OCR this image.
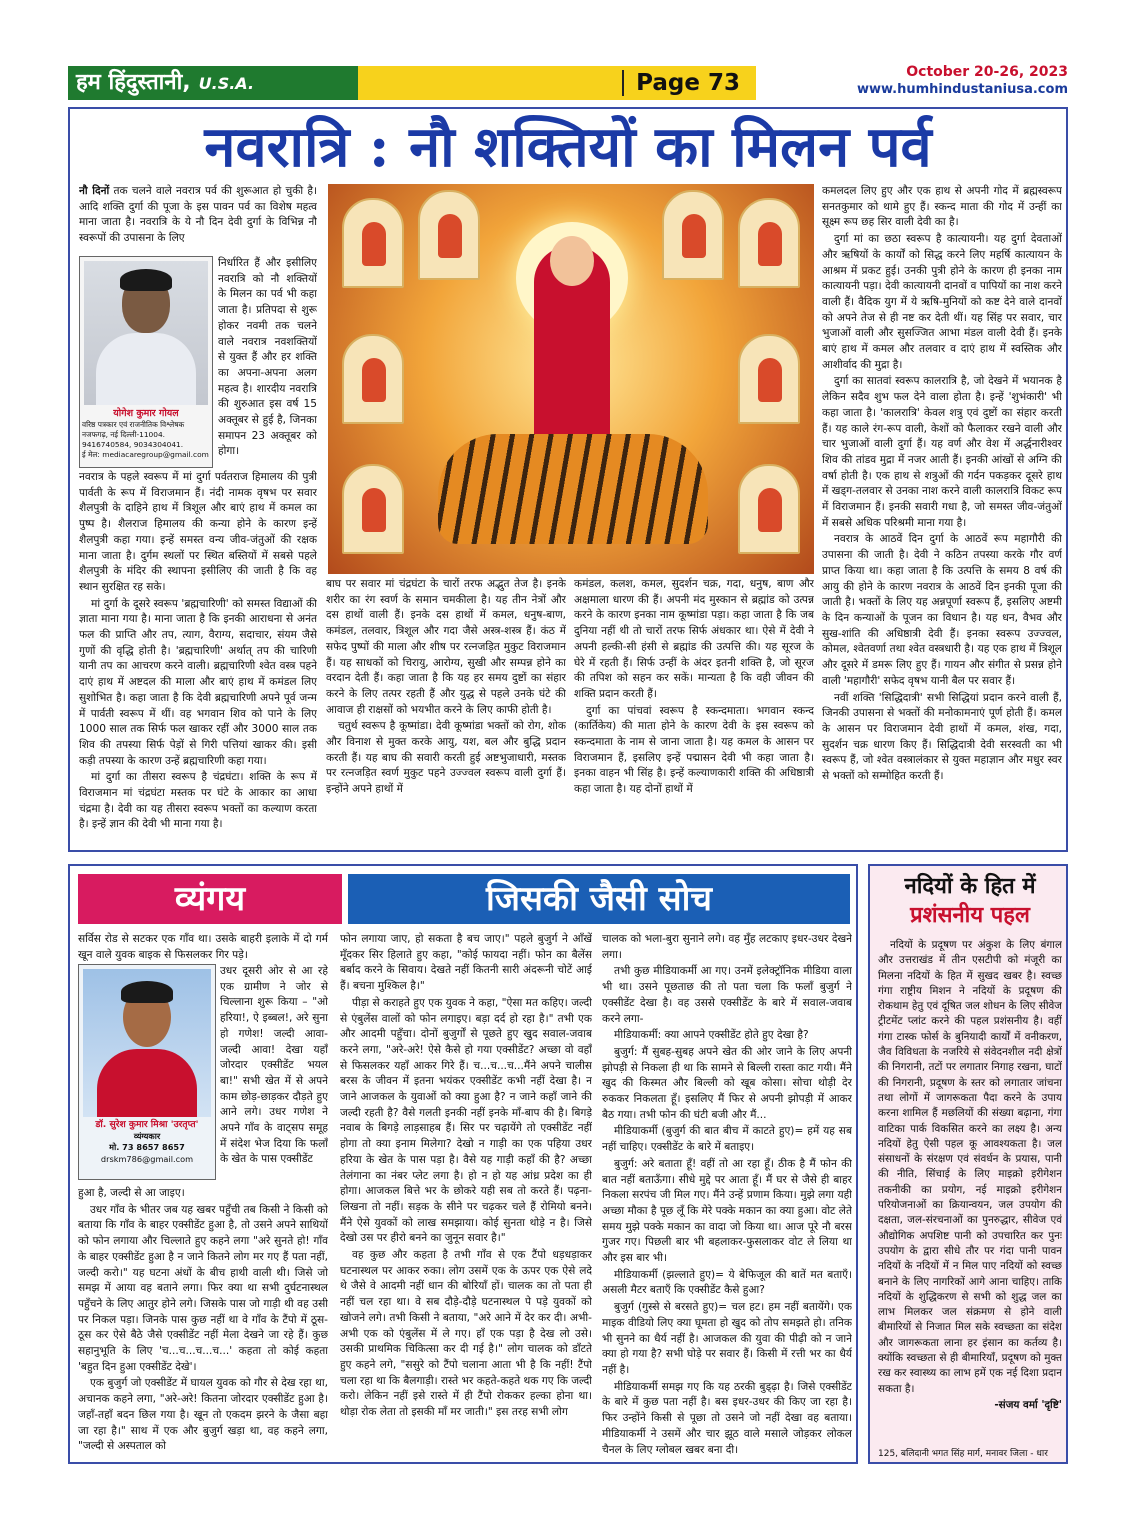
हम हिंदुस्तानी, U.S.A.	Page 73	October 20-26, 2023
www.humhindustaniusa.com
नवरात्रि : नौ शक्तियों का मिलन पर्व

नौ दिनों तक चलने वाले नवरात्र पर्व की शुरूआत हो चुकी है। आदि शक्ति दुर्गा की पूजा के इस पावन पर्व का विशेष महत्व माना जाता है। नवरात्रि के ये नौ दिन देवी दुर्गा के विभिन्न नौ स्वरूपों की उपासना के लिए

योगेश कुमार गोयल
वरिष्ठ पत्रकार एवं राजनीतिक विश्लेषक
नजफगढ़, नई दिल्ली-11004.
9416740584, 9034304041.
ई मेल: mediacaregroup@gmail.com

निर्धारित हैं और इसीलिए नवरात्रि को नौ शक्तियों के मिलन का पर्व भी कहा जाता है। प्रतिपदा से शुरू होकर नवमी तक चलने वाले नवरात्र नवशक्तियों से युक्त हैं और हर शक्ति का अपना-अपना अलग महत्व है। शारदीय नवरात्रि की शुरुआत इस वर्ष 15 अक्तूबर से हुई है, जिनका समापन 23 अक्तूबर को होगा।

नवरात्र के पहले स्वरूप में मां दुर्गा पर्वतराज हिमालय की पुत्री पार्वती के रूप में विराजमान हैं। नंदी नामक वृषभ पर सवार शैलपुत्री के दाहिने हाथ में त्रिशूल और बाएं हाथ में कमल का पुष्प है। शैलराज हिमालय की कन्या होने के कारण इन्हें शैलपुत्री कहा गया। इन्हें समस्त वन्य जीव-जंतुओं की रक्षक माना जाता है। दुर्गम स्थलों पर स्थित बस्तियों में सबसे पहले शैलपुत्री के मंदिर की स्थापना इसीलिए की जाती है कि वह स्थान सुरक्षित रह सके।

मां दुर्गा के दूसरे स्वरूप 'ब्रह्मचारिणी' को समस्त विद्याओं की ज्ञाता माना गया है। माना जाता है कि इनकी आराधना से अनंत फल की प्राप्ति और तप, त्याग, वैराग्य, सदाचार, संयम जैसे गुणों की वृद्धि होती है। 'ब्रह्मचारिणी' अर्थात् तप की चारिणी यानी तप का आचरण करने वाली। ब्रह्मचारिणी श्वेत वस्त्र पहने दाएं हाथ में अष्टदल की माला और बाएं हाथ में कमंडल लिए सुशोभित है। कहा जाता है कि देवी ब्रह्मचारिणी अपने पूर्व जन्म में पार्वती स्वरूप में थीं। वह भगवान शिव को पाने के लिए 1000 साल तक सिर्फ फल खाकर रहीं और 3000 साल तक शिव की तपस्या सिर्फ पेड़ों से गिरी पत्तियां खाकर की। इसी कड़ी तपस्या के कारण उन्हें ब्रह्मचारिणी कहा गया।

मां दुर्गा का तीसरा स्वरूप है चंद्रघंटा। शक्ति के रूप में विराजमान मां चंद्रघंटा मस्तक पर घंटे के आकार का आधा चंद्रमा है। देवी का यह तीसरा स्वरूप भक्तों का कल्याण करता है। इन्हें ज्ञान की देवी भी माना गया है।

बाघ पर सवार मां चंद्रघंटा के चारों तरफ अद्भुत तेज है। इनके शरीर का रंग स्वर्ण के समान चमकीला है। यह तीन नेत्रों और दस हाथों वाली हैं। इनके दस हाथों में कमल, धनुष-बाण, कमंडल, तलवार, त्रिशूल और गदा जैसे अस्त्र-शस्त्र हैं। कंठ में सफेद पुष्पों की माला और शीष पर रत्नजड़ित मुकुट विराजमान हैं। यह साधकों को चिरायु, आरोग्य, सुखी और सम्पन्न होने का वरदान देती हैं। कहा जाता है कि यह हर समय दुष्टों का संहार करने के लिए तत्पर रहती हैं और युद्ध से पहले उनके घंटे की आवाज ही राक्षसों को भयभीत करने के लिए काफी होती है।

चतुर्थ स्वरूप है कूष्मांडा। देवी कूष्मांडा भक्तों को रोग, शोक और विनाश से मुक्त करके आयु, यश, बल और बुद्धि प्रदान करती हैं। यह बाघ की सवारी करती हुई अष्टभुजाधारी, मस्तक पर रत्नजड़ित स्वर्ण मुकुट पहने उज्ज्वल स्वरूप वाली दुर्गा हैं। इन्होंने अपने हाथों में

कमंडल, कलश, कमल, सुदर्शन चक्र, गदा, धनुष, बाण और अक्षमाला धारण की हैं। अपनी मंद मुस्कान से ब्रह्मांड को उत्पन्न करने के कारण इनका नाम कूष्मांडा पड़ा। कहा जाता है कि जब दुनिया नहीं थी तो चारों तरफ सिर्फ अंधकार था। ऐसे में देवी ने अपनी हल्की-सी हंसी से ब्रह्मांड की उत्पत्ति की। यह सूरज के घेरे में रहती हैं। सिर्फ उन्हीं के अंदर इतनी शक्ति है, जो सूरज की तपिश को सहन कर सकें। मान्यता है कि वही जीवन की शक्ति प्रदान करती हैं।

दुर्गा का पांचवां स्वरूप है स्कन्दमाता। भगवान स्कन्द (कार्तिकेय) की माता होने के कारण देवी के इस स्वरूप को स्कन्दमाता के नाम से जाना जाता है। यह कमल के आसन पर विराजमान हैं, इसलिए इन्हें पद्मासन देवी भी कहा जाता है। इनका वाहन भी सिंह है। इन्हें कल्याणकारी शक्ति की अधिष्ठात्री कहा जाता है। यह दोनों हाथों में

कमलदल लिए हुए और एक हाथ से अपनी गोद में ब्रह्मस्वरूप सनतकुमार को थामे हुए हैं। स्कन्द माता की गोद में उन्हीं का सूक्ष्म रूप छह सिर वाली देवी का है।

दुर्गा मां का छठा स्वरूप है कात्यायनी। यह दुर्गा देवताओं और ऋषियों के कार्यों को सिद्ध करने लिए महर्षि कात्यायन के आश्रम में प्रकट हुई। उनकी पुत्री होने के कारण ही इनका नाम कात्यायनी पड़ा। देवी कात्यायनी दानवों व पापियों का नाश करने वाली हैं। वैदिक युग में ये ऋषि-मुनियों को कष्ट देने वाले दानवों को अपने तेज से ही नष्ट कर देती थीं। यह सिंह पर सवार, चार भुजाओं वाली और सुसज्जित आभा मंडल वाली देवी हैं। इनके बाएं हाथ में कमल और तलवार व दाएं हाथ में स्वस्तिक और आशीर्वाद की मुद्रा है।

दुर्गा का सातवां स्वरूप कालरात्रि है, जो देखने में भयानक है लेकिन सदैव शुभ फल देने वाला होता है। इन्हें 'शुभंकारी' भी कहा जाता है। 'कालरात्रि' केवल शत्रु एवं दुष्टों का संहार करती हैं। यह काले रंग-रूप वाली, केशों को फैलाकर रखने वाली और चार भुजाओं वाली दुर्गा हैं। यह वर्ण और वेश में अर्द्धनारीश्वर शिव की तांडव मुद्रा में नजर आती हैं। इनकी आंखों से अग्नि की वर्षा होती है। एक हाथ से शत्रुओं की गर्दन पकड़कर दूसरे हाथ में खड्ग-तलवार से उनका नाश करने वाली कालरात्रि विकट रूप में विराजमान हैं। इनकी सवारी गधा है, जो समस्त जीव-जंतुओं में सबसे अधिक परिश्रमी माना गया है।

नवरात्र के आठवें दिन दुर्गा के आठवें रूप महागौरी की उपासना की जाती है। देवी ने कठिन तपस्या करके गौर वर्ण प्राप्त किया था। कहा जाता है कि उत्पत्ति के समय 8 वर्ष की आयु की होने के कारण नवरात्र के आठवें दिन इनकी पूजा की जाती है। भक्तों के लिए यह अन्नपूर्णा स्वरूप हैं, इसलिए अष्टमी के दिन कन्याओं के पूजन का विधान है। यह धन, वैभव और सुख-शांति की अधिष्ठात्री देवी हैं। इनका स्वरूप उज्ज्वल, कोमल, श्वेतवर्णा तथा श्वेत वस्त्रधारी है। यह एक हाथ में त्रिशूल और दूसरे में डमरू लिए हुए हैं। गायन और संगीत से प्रसन्न होने वाली 'महागौरी' सफेद वृषभ यानी बैल पर सवार हैं।

नवीं शक्ति 'सिद्धिदात्री' सभी सिद्धियां प्रदान करने वाली हैं, जिनकी उपासना से भक्तों की मनोकामनाएं पूर्ण होती हैं। कमल के आसन पर विराजमान देवी हाथों में कमल, शंख, गदा, सुदर्शन चक्र धारण किए हैं। सिद्धिदात्री देवी सरस्वती का भी स्वरूप हैं, जो श्वेत वस्त्रालंकार से युक्त महाज्ञान और मधुर स्वर से भक्तों को सम्मोहित करती हैं।

व्यंगय	जिसकी जैसी सोच

सर्विस रोड से सटकर एक गाँव था। उसके बाहरी इलाके में दो गर्म खून वाले युवक बाइक से फिसलकर गिर पड़े।

डॉ. सुरेश कुमार मिश्रा 'उरतृप्त'
व्यंग्यकार
मो. 73 8657 8657
drskm786@gmail.com

उधर दूसरी ओर से आ रहे एक ग्रामीण ने जोर से चिल्लाना शुरू किया – "ओ हरिया!, ऐ इब्बल!, अरे सुना हो गणेश! जल्दी आवा-जल्दी आवा! देखा यहाँ जोरदार एक्सीडेंट भयल बा!" सभी खेत में से अपने काम छोड़-छाड़कर दौड़ते हुए आने लगे। उधर गणेश ने अपने गाँव के वाट्सप समूह में संदेश भेज दिया कि फलाँ के खेत के पास एक्सीडेंट

हुआ है, जल्दी से आ जाइए।

उधर गाँव के भीतर जब यह खबर पहुँची तब किसी ने किसी को बताया कि गाँव के बाहर एक्सीडेंट हुआ है, तो उसने अपने साथियों को फोन लगाया और चिल्लाते हुए कहने लगा "अरे सुनते हो! गाँव के बाहर एक्सीडेंट हुआ है न जाने कितने लोग मर गए हैं पता नहीं, जल्दी करो।" यह घटना अंधों के बीच हाथी वाली थी। जिसे जो समझ में आया वह बताने लगा। फिर क्या था सभी दुर्घटनास्थल पहुँचने के लिए आतुर होने लगे। जिसके पास जो गाड़ी थी वह उसी पर निकल पड़ा। जिनके पास कुछ नहीं था वे गाँव के टैंपो में ठूस-ठूस कर ऐसे बैठे जैसे एक्सीडेंट नहीं मेला देखने जा रहे हैं। कुछ सहानुभूति के लिए 'च...च...च...च...' कहता तो कोई कहता 'बहुत दिन हुआ एक्सीडेंट देखे'।

एक बुजुर्ग जो एक्सीडेंट में घायल युवक को गौर से देख रहा था, अचानक कहने लगा, "अरे-अरे! कितना जोरदार एक्सीडेंट हुआ है। जहाँ-तहाँ बदन छिल गया है। खून तो एकदम झरने के जैसा बहा जा रहा है।" साथ में एक और बुजुर्ग खड़ा था, वह कहने लगा, "जल्दी से अस्पताल को

फोन लगाया जाए, हो सकता है बच जाए।" पहले बुजुर्ग ने आँखें मूँदकर सिर हिलाते हुए कहा, "कोई फायदा नहीं। फोन का बैलेंस बर्बाद करने के सिवाय। देखते नहीं कितनी सारी अंदरूनी चोटें आई हैं। बचना मुश्किल है।"

पीड़ा से कराहते हुए एक युवक ने कहा, "ऐसा मत कहिए। जल्दी से एंबुलेंस वालों को फोन लगाइए। बड़ा दर्द हो रहा है।" तभी एक और आदमी पहुँचा। दोनों बुजुर्गों से पूछते हुए खुद सवाल-जवाब करने लगा, "अरे-अरे! ऐसे कैसे हो गया एक्सीडेंट? अच्छा वो वहाँ से फिसलकर यहाँ आकर गिरे हैं। च...च...च...मैंने अपने चालीस बरस के जीवन में इतना भयंकर एक्सीडेंट कभी नहीं देखा है। न जाने आजकल के युवाओं को क्या हुआ है? न जाने कहाँ जाने की जल्दी रहती है? वैसे गलती इनकी नहीं इनके माँ-बाप की है। बिगड़े नवाब के बिगड़े लाड़साहब हैं। सिर पर चढ़ायेंगे तो एक्सीडेंट नहीं होगा तो क्या इनाम मिलेगा? देखो न गाड़ी का एक पहिया उधर हरिया के खेत के पास पड़ा है। वैसे यह गाड़ी कहाँ की है? अच्छा तेलंगाना का नंबर प्लेट लगा है। हो न हो यह आंध्र प्रदेश का ही होगा। आजकल बित्ते भर के छोकरे यही सब तो करते हैं। पढ़ना-लिखना तो नहीं। सड़क के सीने पर चढ़कर चले हैं रोमियो बनने। मैंने ऐसे युवकों को लाख समझाया। कोई सुनता थोड़े न है। जिसे देखो उस पर हीरो बनने का जुनून सवार है।"

वह कुछ और कहता है तभी गाँव से एक टैंपो धड़धड़ाकर घटनास्थल पर आकर रुका। लोग उसमें एक के ऊपर एक ऐसे लदे थे जैसे वे आदमी नहीं धान की बोरियाँ हों। चालक का तो पता ही नहीं चल रहा था। वे सब दौड़े-दौड़े घटनास्थल पे पड़े युवकों को खोजने लगे। तभी किसी ने बताया, "अरे आने में देर कर दी। अभी-अभी एक को एंबुलेंस में ले गए। हाँ एक पड़ा है देख लो उसे। उसकी प्राथमिक चिकित्सा कर दी गई है।" लोग चालक को डाँटते हुए कहने लगे, "ससुरे को टैंपो चलाना आता भी है कि नहीं! टैंपो चला रहा था कि बैलगाड़ी। रास्ते भर कहते-कहते थक गए कि जल्दी करो। लेकिन नहीं इसे रास्ते में ही टैंपो रोककर हल्का होना था। थोड़ा रोक लेता तो इसकी माँ मर जाती।" इस तरह सभी लोग

चालक को भला-बुरा सुनाने लगे। वह मुँह लटकाए इधर-उधर देखने लगा।

तभी कुछ मीडियाकर्मी आ गए। उनमें इलेक्ट्रॉनिक मीडिया वाला भी था। उसने पूछताछ की तो पता चला कि फलाँ बुजुर्ग ने एक्सीडेंट देखा है। वह उससे एक्सीडेंट के बारे में सवाल-जवाब करने लगा-

मीडियाकर्मी: क्या आपने एक्सीडेंट होते हुए देखा है?

बुजुर्ग: मैं सुबह-सुबह अपने खेत की ओर जाने के लिए अपनी झोपड़ी से निकला ही था कि सामने से बिल्ली रास्ता काट गयी। मैंने खुद की किस्मत और बिल्ली को खूब कोसा। सोचा थोड़ी देर रुककर निकलता हूँ। इसलिए मैं फिर से अपनी झोपड़ी में आकर बैठ गया। तभी फोन की घंटी बजी और मैं...

मीडियाकर्मी (बुजुर्ग की बात बीच में काटते हुए)= हमें यह सब नहीं चाहिए। एक्सीडेंट के बारे में बताइए।

बुजुर्ग: अरे बताता हूँ! वहीं तो आ रहा हूँ। ठीक है मैं फोन की बात नहीं बताऊँगा। सीधे मुद्दे पर आता हूँ। मैं घर से जैसे ही बाहर निकला सरपंच जी मिल गए। मैंने उन्हें प्रणाम किया। मुझे लगा यही अच्छा मौका है पूछ लूँ कि मेरे पक्के मकान का क्या हुआ। वोट लेते समय मुझे पक्के मकान का वादा जो किया था। आज पूरे नौ बरस गुजर गए। पिछली बार भी बहलाकर-फुसलाकर वोट ले लिया था और इस बार भी।

मीडियाकर्मी (झल्लाते हुए)= ये बेफिजूल की बातें मत बताएँ। असली मैटर बताएँ कि एक्सीडेंट कैसे हुआ?

बुजुर्ग (गुस्से से बरसते हुए)= चल हट। हम नहीं बतायेंगे। एक माइक वीडियो लिए क्या घूमता हो खुद को तोप समझते हो। तनिक भी सुनने का धैर्य नहीं है। आजकल की युवा की पीढ़ी को न जाने क्या हो गया है? सभी घोड़े पर सवार हैं। किसी में रत्ती भर का धैर्य नहीं है।

मीडियाकर्मी समझ गए कि यह ठरकी बुड्ढ़ा है। जिसे एक्सीडेंट के बारे में कुछ पता नहीं है। बस इधर-उधर की किए जा रहा है। फिर उन्होंने किसी से पूछा तो उसने जो नहीं देखा वह बताया। मीडियाकर्मी ने उसमें और चार झूठ वाले मसाले जोड़कर लोकल चैनल के लिए ग्लोबल खबर बना दी।

नदियों के हित में
प्रशंसनीय पहल

नदियों के प्रदूषण पर अंकुश के लिए बंगाल और उत्तराखंड में तीन एसटीपी को मंजूरी का मिलना नदियों के हित में सुखद खबर है। स्वच्छ गंगा राष्ट्रीय मिशन ने नदियों के प्रदूषण की रोकथाम हेतु एवं दूषित जल शोधन के लिए सीवेज ट्रीटमेंट प्लांट करने की पहल प्रशंसनीय है। वहीं गंगा टास्क फोर्स के बुनियादी कार्यों में वनीकरण, जैव विविधता के नजरिये से संवेदनशील नदी क्षेत्रों की निगरानी, तटों पर लगातार निगाह रखना, घाटों की निगरानी, प्रदूषण के स्तर को लगातार जांचना तथा लोगों में जागरूकता पैदा करने के उपाय करना शामिल हैं मछलियों की संख्या बढ़ाना, गंगा वाटिका पार्क विकसित करने का लक्ष्य है। अन्य नदियों हेतु ऐसी पहल कू आवश्यकता है। जल संसाधनों के संरक्षण एवं संवर्धन के प्रयास, पानी की नीति, सिंचाई के लिए माइक्रो इरीगेशन तकनीकी का प्रयोग, नई माइक्रो इरीगेशन परियोजनाओं का क्रियान्वयन, जल उपयोग की दक्षता, जल-संरचनाओं का पुनरुद्धार, सीवेज एवं औद्योगिक अपशिष्ट पानी को उपचारित कर पुनः उपयोग के द्वारा सीधे तौर पर गंदा पानी पावन नदियों के नदियों में न मिल पाए नदियों को स्वच्छ बनाने के लिए नागरिकों आगे आना चाहिए। ताकि नदियों के शुद्धिकरण से सभी को शुद्ध जल का लाभ मिलकर जल संक्रमण से होने वाली बीमारियों से निजात मिल सके स्वच्छता का संदेश और जागरूकता लाना हर इंसान का कर्तव्य है। क्योंकि स्वच्छता से ही बीमारियाँ, प्रदूषण को मुक्त रख कर स्वास्थ्य का लाभ हमें एक नई दिशा प्रदान सकता है।

-संजय वर्मा 'दृष्टि'

125, बलिदानी भगत सिंह मार्ग, मनावर जिला - धार
